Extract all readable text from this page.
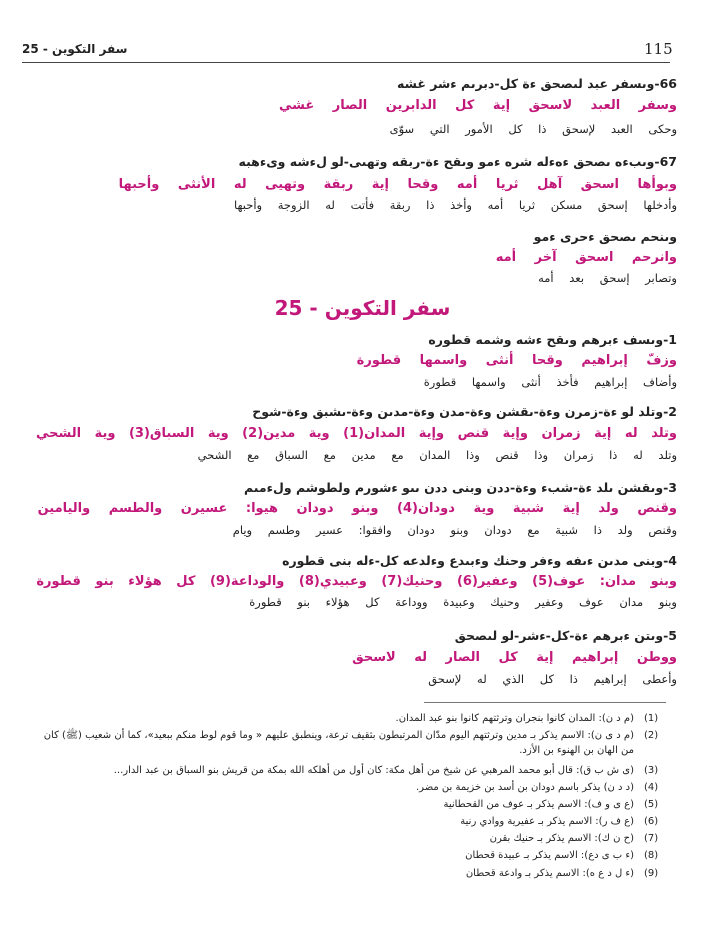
سفر التكوين - 25	115
66-وىسفر عبد لىصحق ءة كل-دبرىم ءشر غشه
وسفر العبد لاسحق إية كل الدابرين الصار غشي
وحكى العبد لإسحق ذا كل الأمور التي سوّى
67-وىبءه ىصحق ءهءله شره ءمو وىقح ءة-ربقه وتهىى-لو لءشه وىءهبه
وبوأها اسحق آهل ثريا أمه وقحا إية ربقة وتهيى له الأنثى وأحبها
وأدخلها إسحق مسكن ثريا أمه وأخذ ذا ربقة فأتت له الزوجة وأحبها
وىنحم ىصحق ءحرى ءمو
وانرحم اسحق آخر أمه
وتصابر إسحق بعد أمه
سفر التكوين - 25
1-وىسف ءبرهم وىقح ءشه وشمه قطوره
وزفّ إبراهيم وقحا أنثى واسمها قطورة
وأضاف إبراهيم فأخذ أنثى واسمها قطورة
2-وتلد لو ءة-زمرن وءة-ىقشن وءة-مدن وءة-مدىن وءة-ىشبق وءة-شوح
وتلد له إية زمران وإية قنص وإية المدان(1) وية مدين(2) وية السباق(3) وية الشحي
وتلد له ذا زمران وذا قنص وذا المدان مع مدين مع السباق مع الشحي
3-وىقشن ىلد ءة-شبء وءة-ددن وبنى ددن ىىو ءشورم ولطوشم ولءمىم
وقنص ولد إية شبية وية دودان(4) وبنو دودان هيوا: عسيرن والطسم واليامين
وقنص ولد ذا شبية مع دودان وبنو دودان وافقوا: عسير وطسم ويام
4-وبنى مدىن ءىفه وءفر وحنك وءبىدع وءلدعه كل-ءله بنى قطوره
وبنو مدان: عوف(5) وعفير(6) وحنيك(7) وعبيدي(8) والوداعة(9) كل هؤلاء بنو قطورة
وبنو مدان عوف وعفير وحنيك وعبيدة ووداعة كل هؤلاء بنو قطورة
5-وىتن ءبرهم ءة-كل-ءشر-لو لىصحق
ووطن إبراهيم إية كل الصار له لاسحق
وأعطى إبراهيم ذا كل الذي له لإسحق
(1)
(م د ن): المدان كانوا بنجران وترثتهم كانوا بنو عبد المدان.
(2)
(م د ى ن): الاسم يذكر بـ مدين وترثتهم اليوم مدّان المرتبطون بثقيف ترعة، وينطبق عليهم « وما قوم لوط منكم ببعيد»، كما أن شعيب (ﷺ) كان من الهان بن الهنوء بن الأزد.
(3)
(ى ش ب ق): قال أبو محمد المرهبي عن شيخ من أهل مكة: كان أول من أهلكه الله بمكة من قريش بنو السباق بن عبد الدار...
(4)
(د د ن) يذكر باسم دودان بن أسد بن خزيمة بن مضر.
(5)
(ع ى و ف): الاسم يذكر بـ عوف من القحطانية
(6)
(ع ف ر): الاسم يذكر بـ عفيرية ووادي رنية
(7)
(ح ن ك): الاسم يذكر بـ حنيك بقرن
(8)
(ء ب ى دع): الاسم يذكر بـ عبيدة قحطان
(9)
(ء ل د ع ه): الاسم يذكر بـ وادعة قحطان
